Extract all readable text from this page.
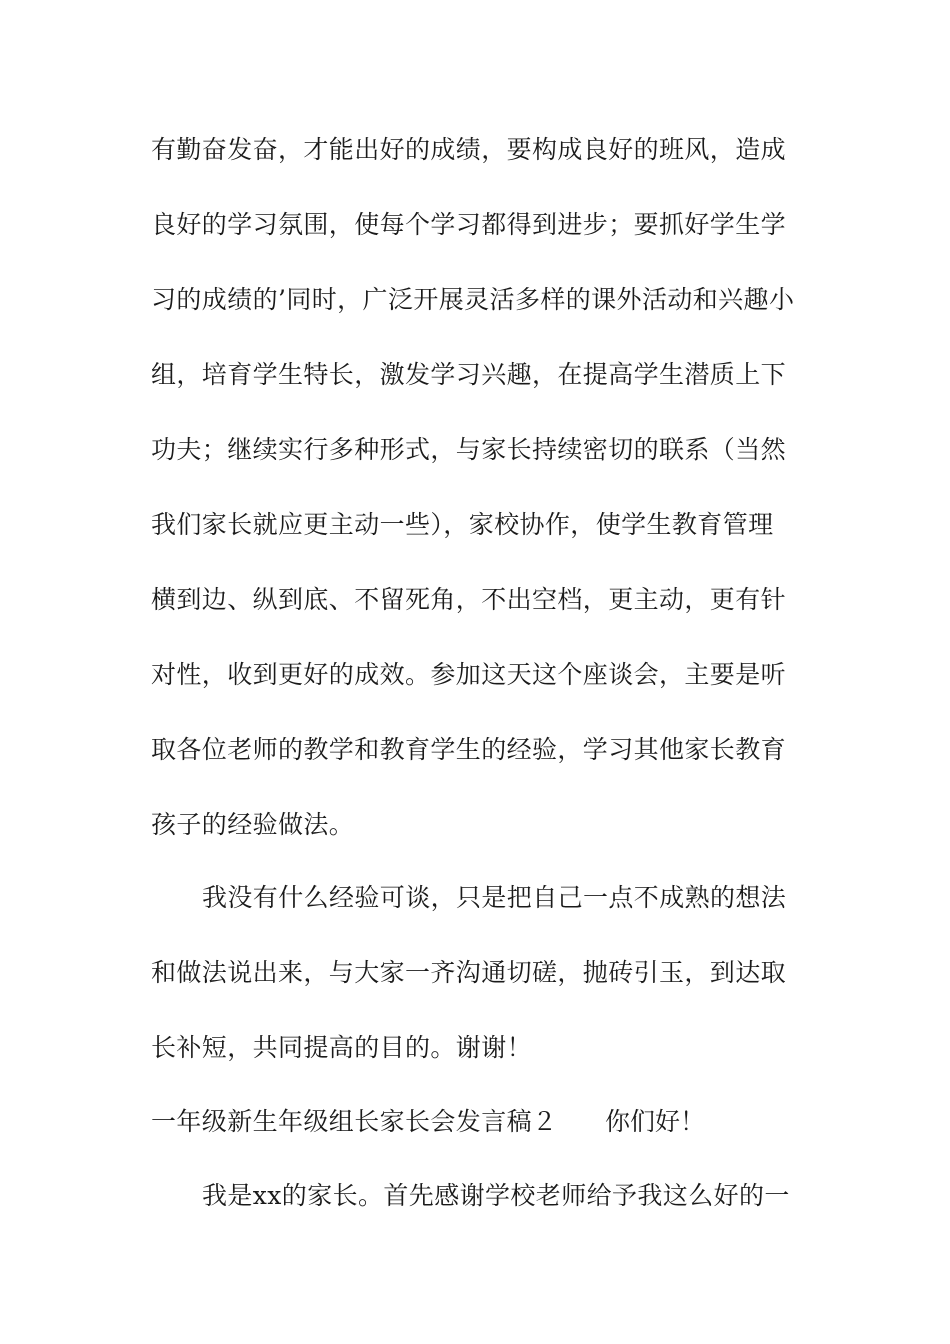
有勤奋发奋，才能出好的成绩，要构成良好的班风，造成
良好的学习氛围，使每个学习都得到进步；要抓好学生学
习的成绩的’同时，广泛开展灵活多样的课外活动和兴趣小
组，培育学生特长，激发学习兴趣，在提高学生潜质上下
功夫；继续实行多种形式，与家长持续密切的联系（当然
我们家长就应更主动一些），家校协作，使学生教育管理
横到边、纵到底、不留死角，不出空档，更主动，更有针
对性，收到更好的成效。参加这天这个座谈会，主要是听
取各位老师的教学和教育学生的经验，学习其他家长教育
孩子的经验做法。
我没有什么经验可谈，只是把自己一点不成熟的想法
和做法说出来，与大家一齐沟通切磋，抛砖引玉，到达取
长补短，共同提高的目的。谢谢！
一年级新生年级组长家长会发言稿２ 你们好！
我是xx的家长。首先感谢学校老师给予我这么好的一
